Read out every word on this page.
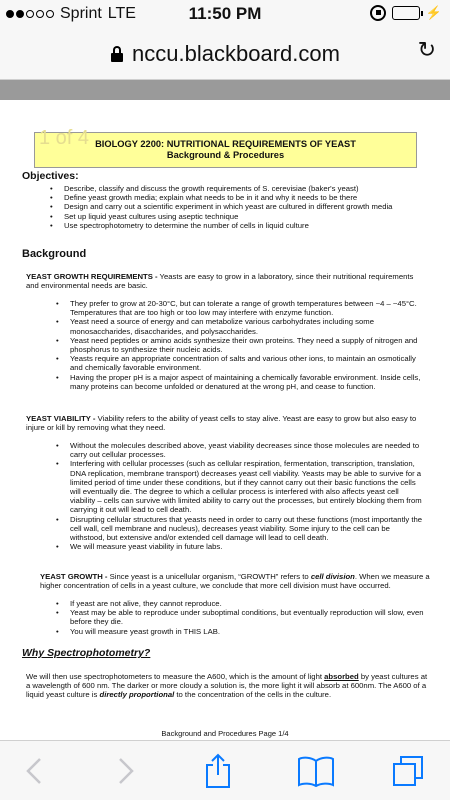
Sprint LTE	11:50 PM	⚡
nccu.blackboard.com	↻
1 of 4 BIOLOGY 2200: NUTRITIONAL REQUIREMENTS OF YEAST
Background & Procedures
Objectives:
• Describe, classify and discuss the growth requirements of S. cerevisiae (baker's yeast)
• Define yeast growth media; explain what needs to be in it and why it needs to be there
• Design and carry out a scientific experiment in which yeast are cultured in different growth media
• Set up liquid yeast cultures using aseptic technique
• Use spectrophotometry to determine the number of cells in liquid culture
Background
YEAST GROWTH REQUIREMENTS - Yeasts are easy to grow in a laboratory, since their nutritional requirements and environmental needs are basic.
• They prefer to grow at 20-30°C, but can tolerate a range of growth temperatures between ~4 – ~45°C. Temperatures that are too high or too low may interfere with enzyme function.
• Yeast need a source of energy and can metabolize various carbohydrates including some monosaccharides, disaccharides, and polysaccharides.
• Yeast need peptides or amino acids synthesize their own proteins. They need a supply of nitrogen and phosphorus to synthesize their nucleic acids.
• Yeasts require an appropriate concentration of salts and various other ions, to maintain an osmotically and chemically favorable environment.
• Having the proper pH is a major aspect of maintaining a chemically favorable environment. Inside cells, many proteins can become unfolded or denatured at the wrong pH, and cease to function.
YEAST VIABILITY - Viability refers to the ability of yeast cells to stay alive. Yeast are easy to grow but also easy to injure or kill by removing what they need.
• Without the molecules described above, yeast viability decreases since those molecules are needed to carry out cellular processes.
• Interfering with cellular processes (such as cellular respiration, fermentation, transcription, translation, DNA replication, membrane transport) decreases yeast cell viability. Yeasts may be able to survive for a limited period of time under these conditions, but if they cannot carry out their basic functions the cells will eventually die. The degree to which a cellular process is interfered with also affects yeast cell viability – cells can survive with limited ability to carry out the processes, but entirely blocking them from carrying it out will lead to cell death.
• Disrupting cellular structures that yeasts need in order to carry out these functions (most importantly the cell wall, cell membrane and nucleus), decreases yeast viability. Some injury to the cell can be withstood, but extensive and/or extended cell damage will lead to cell death.
• We will measure yeast viability in future labs.
YEAST GROWTH - Since yeast is a unicellular organism, “GROWTH” refers to cell division. When we measure a higher concentration of cells in a yeast culture, we conclude that more cell division must have occurred.
• If yeast are not alive, they cannot reproduce.
• Yeast may be able to reproduce under suboptimal conditions, but eventually reproduction will slow, even before they die.
• You will measure yeast growth in THIS LAB.
Why Spectrophotometry?
We will then use spectrophotometers to measure the A600, which is the amount of light absorbed by yeast cultures at a wavelength of 600 nm. The darker or more cloudy a solution is, the more light it will absorb at 600nm. The A600 of a liquid yeast culture is directly proportional to the concentration of the cells in the culture.
Background and Procedures Page 1/4
